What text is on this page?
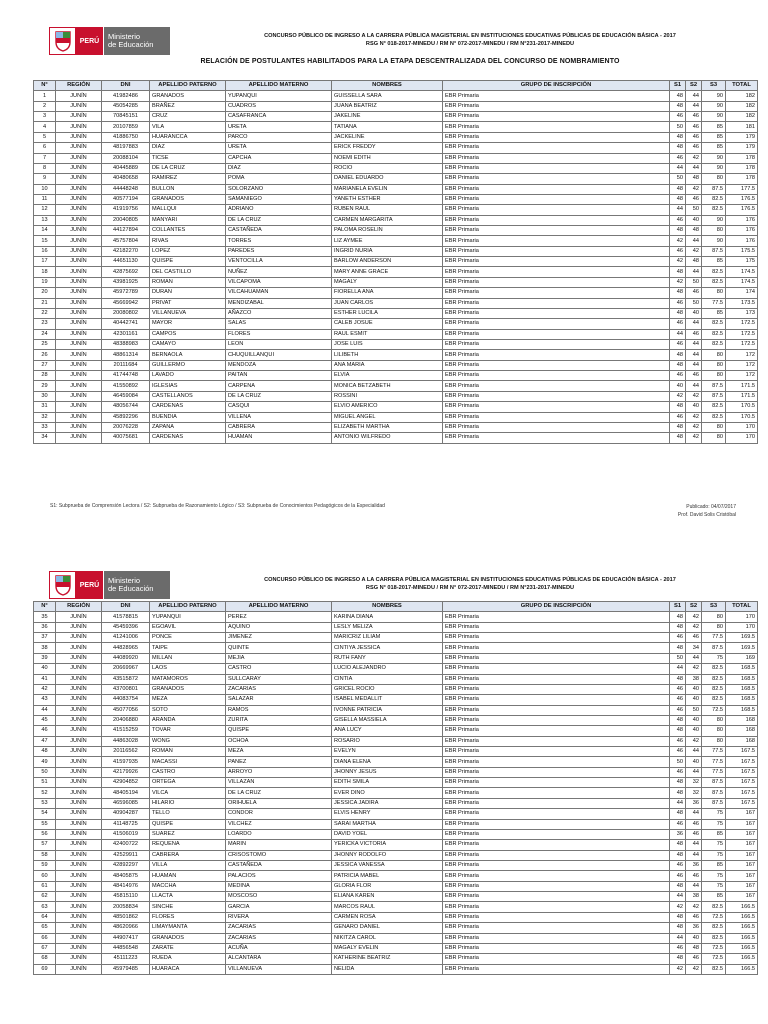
PERÚ	Ministerio
de Educación
CONCURSO PÚBLICO DE INGRESO A LA CARRERA PÚBLICA MAGISTERIAL EN INSTITUCIONES EDUCATIVAS PÚBLICAS DE EDUCACIÓN BÁSICA - 2017
RSG N° 018-2017-MINEDU / RM N° 072-2017-MINEDU / RM N°231-2017-MINEDU
RELACIÓN DE POSTULANTES HABILITADOS PARA LA ETAPA DESCENTRALIZADA DEL CONCURSO DE NOMBRAMIENTO
N°	REGIÓN	DNI	APELLIDO PATERNO	APELLIDO MATERNO	NOMBRES	GRUPO DE INSCRIPCIÓN	S1	S2	S3	TOTAL
1	JUNÍN	41982486	GRANADOS	YUPANQUI	GUISSELLA SARA	EBR Primaria	48	44	90	182
2	JUNÍN	45054285	BRAÑEZ	CUADROS	JUANA BEATRIZ	EBR Primaria	48	44	90	182
3	JUNÍN	70845151	CRUZ	CASAFRANCA	JAKELINE	EBR Primaria	46	46	90	182
4	JUNÍN	20107859	VILA	URETA	TATIANA	EBR Primaria	50	46	85	181
5	JUNÍN	41886750	HUARANCCA	PARCO	JACKELINE	EBR Primaria	48	46	85	179
6	JUNÍN	48197883	DIAZ	URETA	ERICK FREDDY	EBR Primaria	48	46	85	179
7	JUNÍN	20088104	TICSE	CAPCHA	NOEMI EDITH	EBR Primaria	46	42	90	178
8	JUNÍN	40445889	DE LA CRUZ	DIAZ	ROCIO	EBR Primaria	44	44	90	178
9	JUNÍN	40480658	RAMIREZ	POMA	DANIEL EDUARDO	EBR Primaria	50	48	80	178
10	JUNÍN	44448248	BULLON	SOLORZANO	MARIANELA EVELIN	EBR Primaria	48	42	87.5	177.5
11	JUNÍN	40577194	GRANADOS	SAMANIEGO	YANETH ESTHER	EBR Primaria	48	46	82.5	176.5
12	JUNÍN	41919756	MALLQUI	ADRIANO	RUBEN RAUL	EBR Primaria	44	50	82.5	176.5
13	JUNÍN	20040805	MANYARI	DE LA CRUZ	CARMEN MARGARITA	EBR Primaria	46	40	90	176
14	JUNÍN	44127894	COLLANTES	CASTAÑEDA	PALOMA ROSELIN	EBR Primaria	48	48	80	176
15	JUNÍN	45757804	RIVAS	TORRES	LIZ AYMEE	EBR Primaria	42	44	90	176
16	JUNÍN	42182270	LOPEZ	PAREDES	INGRID NURIA	EBR Primaria	46	42	87.5	175.5
17	JUNÍN	44651130	QUISPE	VENTOCILLA	BARLOW ANDERSON	EBR Primaria	42	48	85	175
18	JUNÍN	42875692	DEL CASTILLO	NUÑEZ	MARY ANNE GRACE	EBR Primaria	48	44	82.5	174.5
19	JUNÍN	43981925	ROMAN	VILCAPOMA	MAGALY	EBR Primaria	42	50	82.5	174.5
20	JUNÍN	45972789	DURAN	VILCAHUAMAN	FIORELLA ANA	EBR Primaria	48	46	80	174
21	JUNÍN	45669942	PRIVAT	MENDIZABAL	JUAN CARLOS	EBR Primaria	46	50	77.5	173.5
22	JUNÍN	20080802	VILLANUEVA	AÑAZCO	ESTHER LUCILA	EBR Primaria	48	40	85	173
23	JUNÍN	40442741	MAYOR	SALAS	CALEB JOSUE	EBR Primaria	46	44	82.5	172.5
24	JUNÍN	42301161	CAMPOS	FLORES	RAUL ESMIT	EBR Primaria	44	46	82.5	172.5
25	JUNÍN	48388983	CAMAYO	LEON	JOSE LUIS	EBR Primaria	46	44	82.5	172.5
26	JUNÍN	48861314	BERNAOLA	CHUQUILLANQUI	LILIBETH	EBR Primaria	48	44	80	172
27	JUNÍN	20111684	GUILLERMO	MENDOZA	ANA MARIA	EBR Primaria	48	44	80	172
28	JUNÍN	41744748	LAVADO	PAITAN	ELVIA	EBR Primaria	46	46	80	172
29	JUNÍN	41550892	IGLESIAS	CARPENA	MONICA BETZABETH	EBR Primaria	40	44	87.5	171.5
30	JUNÍN	46459084	CASTELLANOS	DE LA CRUZ	ROSSINI	EBR Primaria	42	42	87.5	171.5
31	JUNÍN	48056744	CARDENAS	CASQUI	ELVIO AMERICO	EBR Primaria	48	40	82.5	170.5
32	JUNÍN	45892296	BUENDIA	VILLENA	MIGUEL ANGEL	EBR Primaria	46	42	82.5	170.5
33	JUNÍN	20076228	ZAPANA	CABRERA	ELIZABETH MARTHA	EBR Primaria	48	42	80	170
34	JUNÍN	40075681	CARDENAS	HUAMAN	ANTONIO WILFREDO	EBR Primaria	48	42	80	170
S1: Subprueba de Comprensión Lectora / S2: Subprueba de Razonamiento Lógico / S3: Subprueba de Conocimientos Pedagógicos de la Especialidad	Publicado: 04/07/2017
Prof. David Solis Cristóbal
PERÚ	Ministerio
de Educación
CONCURSO PÚBLICO DE INGRESO A LA CARRERA PÚBLICA MAGISTERIAL EN INSTITUCIONES EDUCATIVAS PÚBLICAS DE EDUCACIÓN BÁSICA - 2017
RSG N° 018-2017-MINEDU / RM N° 072-2017-MINEDU / RM N°231-2017-MINEDU
N°	REGIÓN	DNI	APELLIDO PATERNO	APELLIDO MATERNO	NOMBRES	GRUPO DE INSCRIPCIÓN	S1	S2	S3	TOTAL
35	JUNÍN	41578815	YUPANQUI	PEREZ	KARINA DIANA	EBR Primaria	48	42	80	170
36	JUNÍN	45459396	EGOAVIL	AQUINO	LESLY MELIZA	EBR Primaria	48	42	80	170
37	JUNÍN	41241006	PONCE	JIMENEZ	MARICRIZ LILIAM	EBR Primaria	46	46	77.5	169.5
38	JUNÍN	44828965	TAIPE	QUINTE	CINTIYA JESSICA	EBR Primaria	48	34	87.5	169.5
39	JUNÍN	44089920	MILLAN	MEJIA	RUTH FANY	EBR Primaria	50	44	75	169
40	JUNÍN	20669967	LAOS	CASTRO	LUCIO ALEJANDRO	EBR Primaria	44	42	82.5	168.5
41	JUNÍN	43515872	MATAMOROS	SULLCARAY	CINTIA	EBR Primaria	48	38	82.5	168.5
42	JUNÍN	43700801	GRANADOS	ZACARIAS	GRICEL ROCIO	EBR Primaria	46	40	82.5	168.5
43	JUNÍN	44083754	MEZA	SALAZAR	ISABEL MEDALLIT	EBR Primaria	46	40	82.5	168.5
44	JUNÍN	45077056	SOTO	RAMOS	IVONNE PATRICIA	EBR Primaria	46	50	72.5	168.5
45	JUNÍN	20406880	ARANDA	ZURITA	GISELLA MASSIELA	EBR Primaria	48	40	80	168
46	JUNÍN	41515259	TOVAR	QUISPE	ANA LUCY	EBR Primaria	48	40	80	168
47	JUNÍN	44863028	WONG	OCHOA	ROSARIO	EBR Primaria	46	42	80	168
48	JUNÍN	20116562	ROMAN	MEZA	EVELYN	EBR Primaria	46	44	77.5	167.5
49	JUNÍN	41597935	MACASSI	PANEZ	DIANA ELENA	EBR Primaria	50	40	77.5	167.5
50	JUNÍN	42179926	CASTRO	ARROYO	JHONNY JESUS	EBR Primaria	46	44	77.5	167.5
51	JUNÍN	42904852	ORTEGA	VILLAZAN	EDITH SMILA	EBR Primaria	48	32	87.5	167.5
52	JUNÍN	48405194	VILCA	DE LA CRUZ	EVER DINO	EBR Primaria	48	32	87.5	167.5
53	JUNÍN	46596085	HILARIO	ORIHUELA	JESSICA JADIRA	EBR Primaria	44	36	87.5	167.5
54	JUNÍN	40904287	TELLO	CONDOR	ELVIS HENRY	EBR Primaria	48	44	75	167
55	JUNÍN	41148725	QUISPE	VILCHEZ	SARAI MARTHA	EBR Primaria	46	46	75	167
56	JUNÍN	41506019	SUAREZ	LOARDO	DAVID YOEL	EBR Primaria	36	46	85	167
57	JUNÍN	42400722	REQUENA	MARIN	YERICKA VICTORIA	EBR Primaria	48	44	75	167
58	JUNÍN	42529911	CABRERA	CRISOSTOMO	JHONNY RODOLFO	EBR Primaria	48	44	75	167
59	JUNÍN	42892297	VILLA	CASTAÑEDA	JESSICA VANESSA	EBR Primaria	46	36	85	167
60	JUNÍN	48405875	HUAMAN	PALACIOS	PATRICIA MABEL	EBR Primaria	46	46	75	167
61	JUNÍN	48414976	MACCHA	MEDINA	GLORIA FLOR	EBR Primaria	48	44	75	167
62	JUNÍN	45815110	LLACTA	MOSCOSO	ELIANA KAREN	EBR Primaria	44	38	85	167
63	JUNÍN	20058834	SINCHE	GARCIA	MARCOS RAUL	EBR Primaria	42	42	82.5	166.5
64	JUNÍN	48501862	FLORES	RIVERA	CARMEN ROSA	EBR Primaria	48	46	72.5	166.5
65	JUNÍN	48620966	LIMAYMANTA	ZACARIAS	GENARO DANIEL	EBR Primaria	48	36	82.5	166.5
66	JUNÍN	44907417	GRANADOS	ZACARIAS	NIKITZA CAROL	EBR Primaria	44	40	82.5	166.5
67	JUNÍN	44856548	ZARATE	ACUÑA	MAGALY EVELIN	EBR Primaria	46	48	72.5	166.5
68	JUNÍN	45111223	RUEDA	ALCANTARA	KATHERINE BEATRIZ	EBR Primaria	48	46	72.5	166.5
69	JUNÍN	45979485	HUARACA	VILLANUEVA	NELIDA	EBR Primaria	42	42	82.5	166.5
